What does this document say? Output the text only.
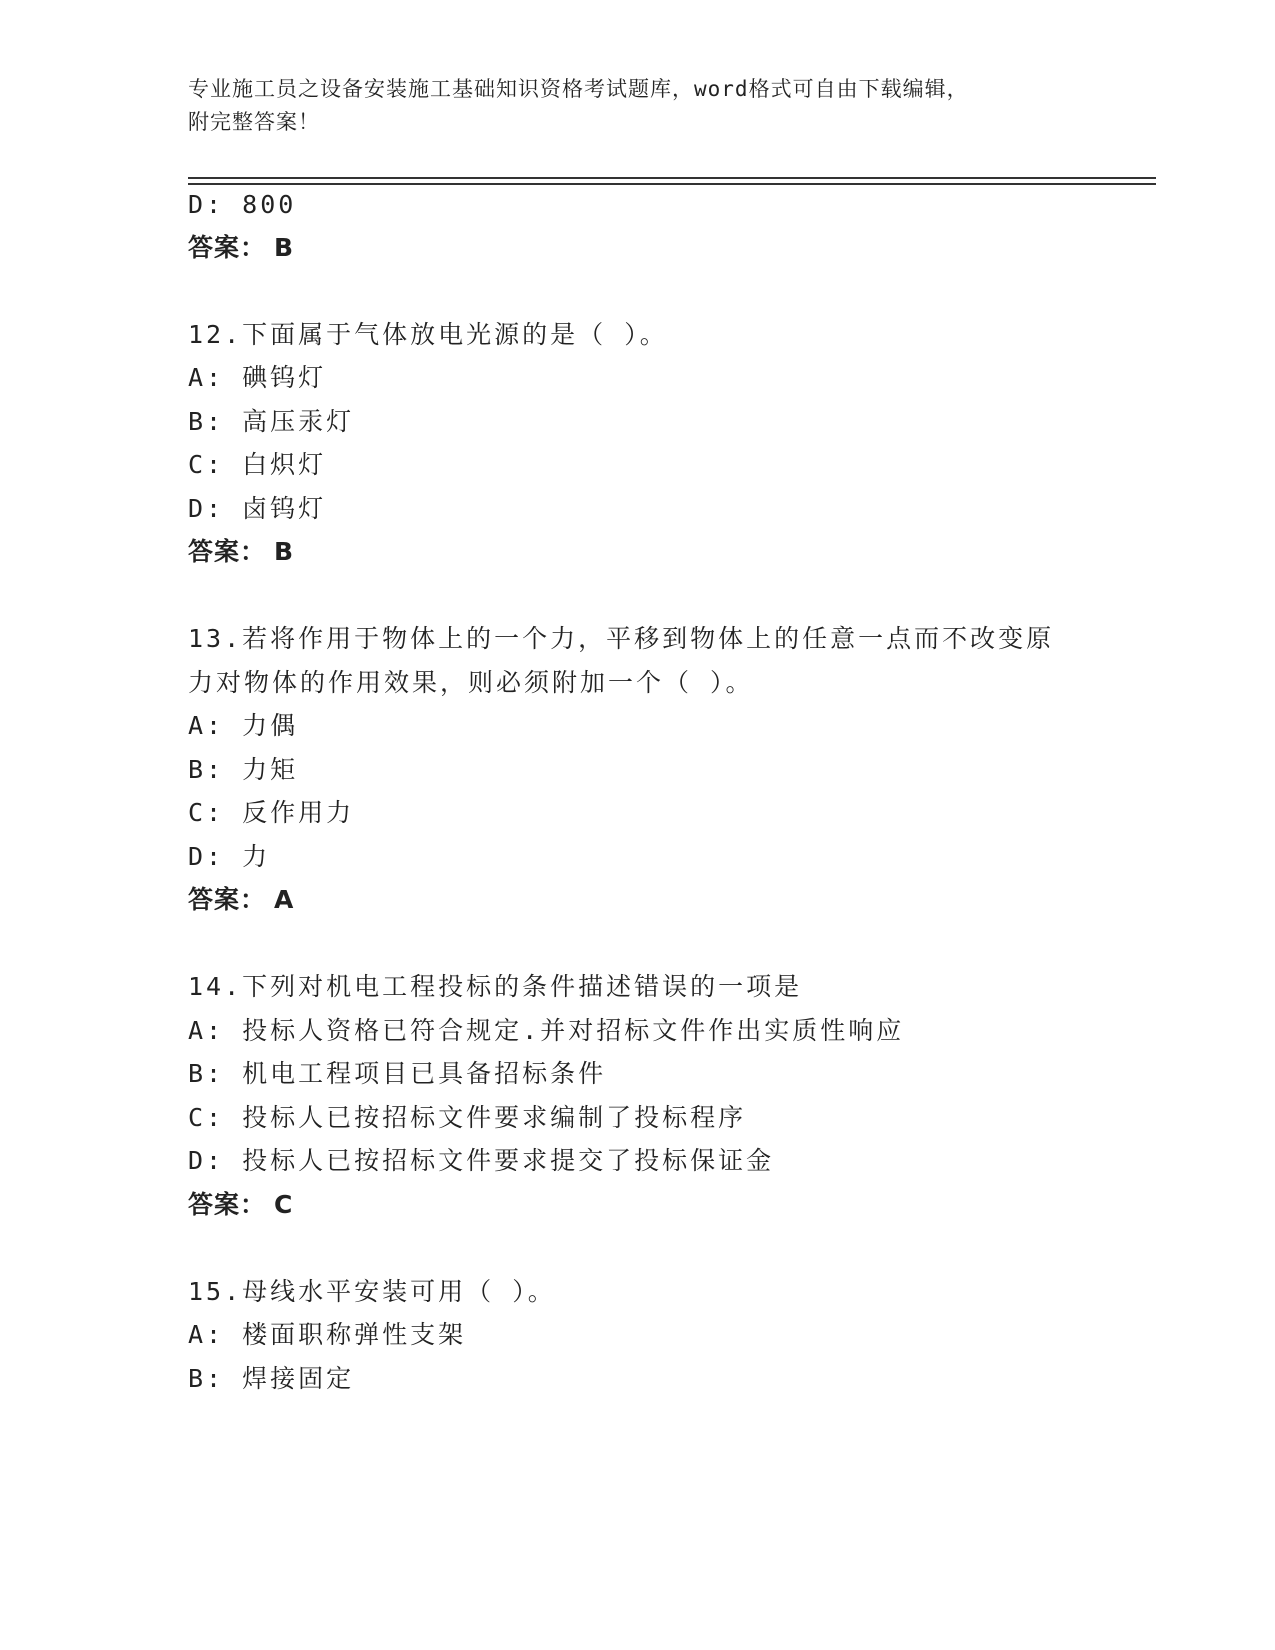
专业施工员之设备安装施工基础知识资格考试题库，word格式可自由下载编辑，
附完整答案！
D: 800
答案： B
12.下面属于气体放电光源的是（ ）。
A: 碘钨灯
B: 高压汞灯
C: 白炽灯
D: 卤钨灯
答案： B
13.若将作用于物体上的一个力，平移到物体上的任意一点而不改变原
力对物体的作用效果，则必须附加一个（ ）。
A: 力偶
B: 力矩
C: 反作用力
D: 力
答案： A
14.下列对机电工程投标的条件描述错误的一项是
A: 投标人资格已符合规定.并对招标文件作出实质性响应
B: 机电工程项目已具备招标条件
C: 投标人已按招标文件要求编制了投标程序
D: 投标人已按招标文件要求提交了投标保证金
答案： C
15.母线水平安装可用（ ）。
A: 楼面职称弹性支架
B: 焊接固定
